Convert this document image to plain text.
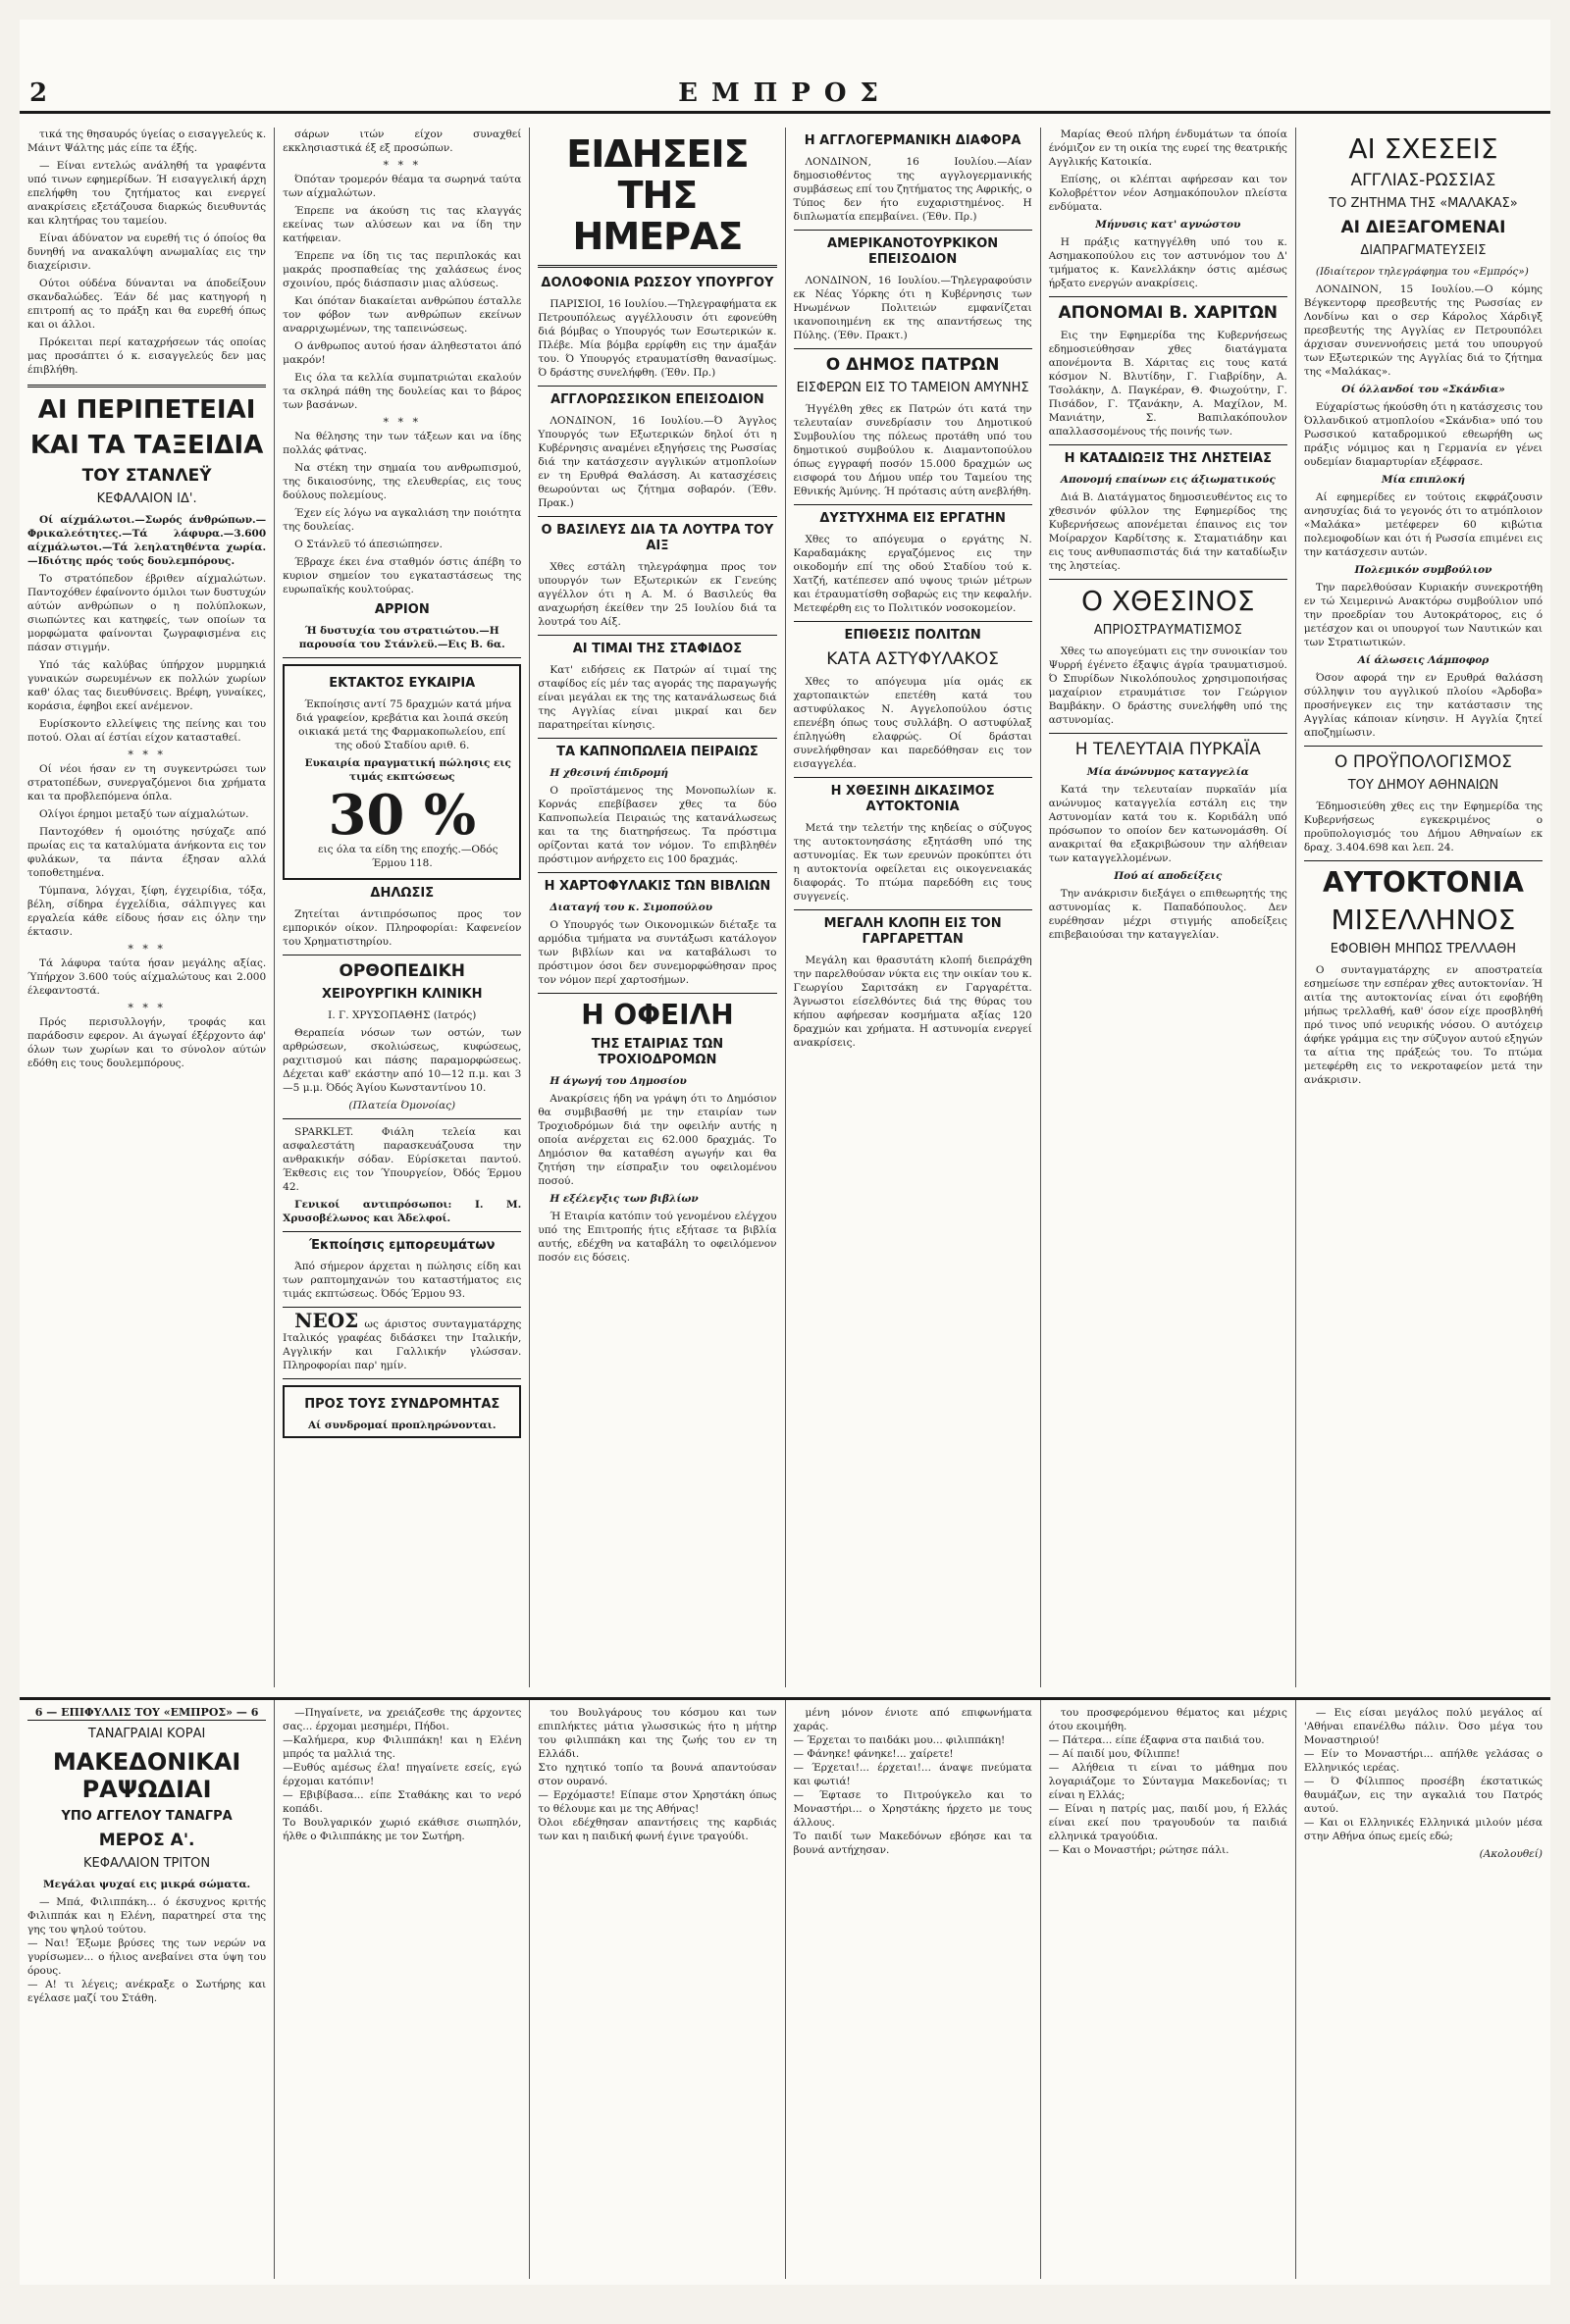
2	ΕΜΠΡΟΣ

τικά της θησαυρός ύγείας ο εισαγγελεύς κ. Μάιντ Ψάλτης μάς είπε τα έξής.

— Είναι εντελώς ανάληθή τα γραφέντα υπό τινων εφημερίδων. Ή εισαγγελική άρχη επελήφθη του ζητήματος και ενεργεί ανακρίσεις εξετάζουσα διαρκώς διευθυντάς και κλητήρας του ταμείου.

Είναι άδύνατον να ευρεθή τις ό όποίος θα δυνηθή να ανακαλύψη ανωμαλίας εις την διαχείρισιν.

Ούτοι ούδένα δύνανται να άποδείξουν σκανδαλώδες. Έάν δέ μας κατηγορή η επιτροπή ας το πράξη και θα ευρεθή όπως και οι άλλοι.

Πρόκειται περί καταχρήσεων τάς οποίας μας προσάπτει ό κ. εισαγγελεύς δεν μας έπιβλήθη.

ΑΙ ΠΕΡΙΠΕΤΕΙΑΙ
ΚΑΙ ΤΑ ΤΑΞΕΙΔΙΑ
ΤΟΥ ΣΤΑΝΛΕΫ
ΚΕΦΑΛΑΙΟΝ ΙΔ'.

Οί αίχμάλωτοι.—Σωρός άνθρώπων.—Φρικαλεότητες.—Τά λάφυρα.—3.600 αίχμάλωτοι.—Τά λεηλατηθέντα χωρία.—Ιδιότης πρός τούς δουλεμπόρους.

Το στρατόπεδον έβριθεν αίχμαλώτων. Παντοχόθεν έφαίνοντο όμιλοι των δυστυχών αύτών ανθρώπων ο η πολύπλοκων, σιωπώντες και κατηφείς, των οποίων τα μορφώματα φαίνονται ζωγραφισμένα εις πάσαν στιγμήν.

Υπό τάς καλύβας ύπήρχον μυρμηκιά γυναικών σωρευμένων εκ πολλών χωρίων καθ' όλας τας διευθύνσεις. Βρέφη, γυναίκες, κοράσια, έφηβοι εκεί ανέμενον.

Ευρίσκοντο ελλείψεις της πείνης και του ποτού. Ολαι αί έστίαι είχον κατασταθεί.

* * *

Οί νέοι ήσαν εν τη συγκεντρώσει των στρατοπέδων, συνεργαζόμενοι δια χρήματα και τα προβλεπόμενα όπλα.

Ολίγοι έρημοι μεταξύ των αίχμαλώτων.

Παντοχόθεν ή ομοιότης ησύχαζε από πρωίας εις τα καταλύματα άνήκοντα εις τον φυλάκων, τα πάντα έξησαν αλλά τοποθετημένα.

Τύμπανα, λόγχαι, ξίφη, έγχειρίδια, τόξα, βέλη, σίδηρα έγχελίδια, σάλπιγγες και εργαλεία κάθε είδους ήσαν εις όλην την έκτασιν.

* * *

Τά λάφυρα ταύτα ήσαν μεγάλης αξίας. Ύπήρχον 3.600 τούς αίχμαλώτους και 2.000 έλεφαντοστά.

* * *

Πρός περισυλλογήν, τροφάς και παράδοσιν εφερον. Αι άγωγαί έξέρχοντο άφ' όλων των χωρίων και το σύνολον αύτών εδόθη εις τους δουλεμπόρους.

σάρων ιτών είχον συναχθεί εκκλησιαστικά έξ εξ προσώπων.

* * *

Όπόταν τρομερόν θέαμα τα σωρηνά ταύτα των αίχμαλώτων.

Έπρεπε να άκούση τις τας κλαγγάς εκείνας των αλύσεων και να ίδη την κατήφειαν.

Έπρεπε να ίδη τις τας περιπλοκάς και μακράς προσπαθείας της χαλάσεως ένος σχοινίου, πρός διάσπασιν μιας αλύσεως.

Και όπόταν διακαίεται ανθρώπου έσταλλε τον φόβον των ανθρώπων εκείνων αναρριχωμένων, της ταπεινώσεως.

Ο άνθρωπος αυτού ήσαν άληθεστατοι άπό μακρόν!

Εις όλα τα κελλία συμπατριώται εκαλούν τα σκληρά πάθη της δουλείας και το βάρος των βασάνων.

* * *

Να θέλησης την των τάξεων και να ίδης πολλάς φάτνας.

Να στέκη την σημαία του ανθρωπισμού, της δικαιοσύνης, της ελευθερίας, εις τους δούλους πολεμίους.

Έχεν είς λόγω να αγκαλιάση την ποιότητα της δουλείας.

Ο Στάνλεϋ τό άπεσιώπησεν.

Έβραχε έκει ένα σταθμόν όστις άπέβη το κυριον σημείον του εγκαταστάσεως της ευρωπαϊκής κουλτούρας.

ΑΡΡΙΟΝ

Ή δυστυχία του στρατιώτου.—Η παρουσία του Στάνλεϋ.—Εις Β. 6α.

ΕΚΤΑΚΤΟΣ ΕΥΚΑΙΡΙΑ

Έκποίησις αντί 75 δραχμών κατά μήνα διά γραφείον, κρεβάτια και λοιπά σκεύη οικιακά μετά της Φαρμακοπωλείου, επί της οδού Σταδίου αριθ. 6.

Ευκαιρία πραγματική πώλησις εις τιμάς εκπτώσεως

30 %

εις όλα τα είδη της εποχής.—Οδός Έρμου 118.

ΔΗΛΩΣΙΣ

Ζητείται άντιπρόσωπος προς τον εμπορικόν οίκον. Πληροφορίαι: Καφενείον του Χρηματιστηρίου.

ΟΡΘΟΠΕΔΙΚΗ
ΧΕΙΡΟΥΡΓΙΚΗ ΚΛΙΝΙΚΗ

Ι. Γ. ΧΡΥΣΟΠΑΘΗΣ (Ιατρός)

Θεραπεία νόσων των οστών, των αρθρώσεων, σκολιώσεως, κυφώσεως, ραχιτισμού και πάσης παραμορφώσεως. Δέχεται καθ' εκάστην από 10—12 π.μ. και 3—5 μ.μ. Όδός Άγίου Κωνσταντίνου 10.

(Πλατεία Όμονοίας)

SPARKLET. Φιάλη τελεία και ασφαλεστάτη παρασκευάζουσα την ανθρακικήν σόδαν. Εύρίσκεται παντού. Έκθεσις εις τον Ύπουργείον, Όδός Έρμου 42.

Γενικοί αντιπρόσωποι: Ι. Μ. Χρυσοβέλωνος και Άδελφοί.

Έκποίησις εμπορευμάτων

Άπό σήμερον άρχεται η πώλησις είδη και των ραπτομηχανών του καταστήματος εις τιμάς εκπτώσεως. Όδός Έρμου 93.

ΝΕΟΣ ως άριστος συνταγματάρχης Ιταλικός γραφέας διδάσκει την Ιταλικήν, Αγγλικήν και Γαλλικήν γλώσσαν. Πληροφορίαι παρ' ημίν.

ΠΡΟΣ ΤΟΥΣ ΣΥΝΔΡΟΜΗΤΑΣ
Αί συνδρομαί προπληρώνονται.
ΕΙΔΗΣΕΙΣ ΤΗΣ ΗΜΕΡΑΣ
ΔΟΛΟΦΟΝΙΑ ΡΩΣΣΟΥ ΥΠΟΥΡΓΟΥ

ΠΑΡΙΣΙΟΙ, 16 Ιουλίου.—Τηλεγραφήματα εκ Πετρουπόλεως αγγέλλουσιν ότι εφονεύθη διά βόμβας ο Υπουργός των Εσωτερικών κ. Πλέβε. Μία βόμβα ερρίφθη εις την άμαξάν του. Ό Υπουργός ετραυματίσθη θανασίμως. Ό δράστης συνελήφθη. (Έθν. Πρ.)

ΑΓΓΛΟΡΩΣΣΙΚΟΝ ΕΠΕΙΣΟΔΙΟΝ

ΛΟΝΔΙΝΟΝ, 16 Ιουλίου.—Ό Άγγλος Υπουργός των Εξωτερικών δηλοί ότι η Κυβέρνησις αναμένει εξηγήσεις της Ρωσσίας διά την κατάσχεσιν αγγλικών ατμοπλοίων εν τη Ερυθρά Θαλάσση. Αι κατασχέσεις θεωρούνται ως ζήτημα σοβαρόν. (Έθν. Πρακ.)

Ο ΒΑΣΙΛΕΥΣ ΔΙΑ ΤΑ ΛΟΥΤΡΑ ΤΟΥ ΑΙΞ

Χθες εστάλη τηλεγράφημα προς τον υπουργόν των Εξωτερικών εκ Γενεύης αγγέλλον ότι η Α. Μ. ό Βασιλεύς θα αναχωρήση έκείθεν την 25 Ιουλίου διά τα λουτρά του Αίξ.

ΑΙ ΤΙΜΑΙ ΤΗΣ ΣΤΑΦΙΔΟΣ

Κατ' ειδήσεις εκ Πατρών αί τιμαί της σταφίδος είς μέν τας αγοράς της παραγωγής είναι μεγάλαι εκ της της κατανάλωσεως διά της Αγγλίας είναι μικραί και δεν παρατηρείται κίνησις.

ΤΑ ΚΑΠΝΟΠΩΛΕΙΑ ΠΕΙΡΑΙΩΣ

Η χθεσινή έπιδρομή

Ο προϊστάμενος της Μονοπωλίων κ. Κορνάς επεβίβασεν χθες τα δύο Καπνοπωλεία Πειραιώς της κατανάλωσεως και τα της διατηρήσεως. Τα πρόστιμα ορίζονται κατά τον νόμον. Το επιβληθέν πρόστιμον ανήρχετο εις 100 δραχμάς.

Η ΧΑΡΤΟΦΥΛΑΚΙΣ ΤΩΝ ΒΙΒΛΙΩΝ

Διαταγή του κ. Σιμοπούλου

Ο Υπουργός των Οικονομικών διέταξε τα αρμόδια τμήματα να συντάξωσι κατάλογον των βιβλίων και να καταβάλωσι το πρόστιμον όσοι δεν συνεμορφώθησαν προς τον νόμον περί χαρτοσήμων.

Η ΟΦΕΙΛΗ
ΤΗΣ ΕΤΑΙΡΙΑΣ ΤΩΝ ΤΡΟΧΙΟΔΡΟΜΩΝ

Η άγωγή του Δημοσίου

Ανακρίσεις ήδη να γράψη ότι το Δημόσιον θα συμβιβασθή με την εταιρίαν των Τροχιοδρόμων διά την οφειλήν αυτής η οποία ανέρχεται εις 62.000 δραχμάς. Το Δημόσιον θα καταθέση αγωγήν και θα ζητήση την είσπραξιν του οφειλομένου ποσού.

Η εξέλεγξις των βιβλίων

Ή Εταιρία κατόπιν τού γενομένου ελέγχου υπό της Επιτροπής ήτις εξήτασε τα βιβλία αυτής, εδέχθη να καταβάλη το οφειλόμενον ποσόν εις δόσεις.

Η ΑΓΓΛΟΓΕΡΜΑΝΙΚΗ ΔΙΑΦΟΡΑ

ΛΟΝΔΙΝΟΝ, 16 Ιουλίου.—Αίαν δημοσιοθέντος της αγγλογερμανικής συμβάσεως επί του ζητήματος της Αφρικής, ο Τύπος δεν ήτο ευχαριστημένος. Η διπλωματία επεμβαίνει. (Έθν. Πρ.)

ΑΜΕΡΙΚΑΝΟΤΟΥΡΚΙΚΟΝ ΕΠΕΙΣΟΔΙΟΝ

ΛΟΝΔΙΝΟΝ, 16 Ιουλίου.—Τηλεγραφούσιν εκ Νέας Υόρκης ότι η Κυβέρνησις των Ηνωμένων Πολιτειών εμφανίζεται ικανοποιημένη εκ της απαντήσεως της Πύλης. (Έθν. Πρακτ.)

Ο ΔΗΜΟΣ ΠΑΤΡΩΝ
ΕΙΣΦΕΡΩΝ ΕΙΣ ΤΟ ΤΑΜΕΙΟΝ ΑΜΥΝΗΣ

Ήγγέλθη χθες εκ Πατρών ότι κατά την τελευταίαν συνεδρίασιν του Δημοτικού Συμβουλίου της πόλεως προτάθη υπό του δημοτικού συμβούλου κ. Διαμαντοπούλου όπως εγγραφή ποσόν 15.000 δραχμών ως εισφορά του Δήμου υπέρ του Ταμείου της Εθνικής Άμύνης. Ή πρότασις αύτη ανεβλήθη.

ΔΥΣΤΥΧΗΜΑ ΕΙΣ ΕΡΓΑΤΗΝ

Χθες το απόγευμα ο εργάτης Ν. Καραδαμάκης εργαζόμενος εις την οικοδομήν επί της οδού Σταδίου τού κ. Χατζή, κατέπεσεν από υψους τριών μέτρων και έτραυματίσθη σοβαρώς εις την κεφαλήν. Μετεφέρθη εις το Πολιτικόν νοσοκομείον.

ΕΠΙΘΕΣΙΣ ΠΟΛΙΤΩΝ
ΚΑΤΑ ΑΣΤΥΦΥΛΑΚΟΣ

Χθες το απόγευμα μία ομάς εκ χαρτοπαικτών επετέθη κατά του αστυφύλακος Ν. Αγγελοπούλου όστις επενέβη όπως τους συλλάβη. Ο αστυφύλαξ έπληγώθη ελαφρώς. Οί δράσται συνελήφθησαν και παρεδόθησαν εις τον εισαγγελέα.

Η ΧΘΕΣΙΝΗ ΔΙΚΑΣΙΜΟΣ ΑΥΤΟΚΤΟΝΙΑ

Μετά την τελετήν της κηδείας ο σύζυγος της αυτοκτονησάσης εξητάσθη υπό της αστυνομίας. Εκ των ερευνών προκύπτει ότι η αυτοκτονία οφείλεται εις οικογενειακάς διαφοράς. Το πτώμα παρεδόθη εις τους συγγενείς.

ΜΕΓΑΛΗ ΚΛΟΠΗ ΕΙΣ ΤΟΝ ΓΑΡΓΑΡΕΤΤΑΝ

Μεγάλη και θρασυτάτη κλοπή διεπράχθη την παρελθούσαν νύκτα εις την οικίαν του κ. Γεωργίου Σαριτσάκη εν Γαργαρέττα. Άγνωστοι είσελθόντες διά της θύρας του κήπου αφήρεσαν κοσμήματα αξίας 120 δραχμών και χρήματα. Η αστυνομία ενεργεί ανακρίσεις.

Μαρίας Θεού πλήρη ένδυμάτων τα όποία ένόμιζον εν τη οικία της ευρεί της θεατρικής Αγγλικής Κατοικία.

Επίσης, οι κλέπται αφήρεσαν και τον Κολοβρέττον νέον Ασημακόπουλον πλείστα ενδύματα.

Μήνυσις κατ' αγνώστου

Η πράξις κατηγγέλθη υπό του κ. Ασημακοπούλου εις τον αστυνόμον του Δ' τμήματος κ. Κανελλάκην όστις αμέσως ήρξατο ενεργών ανακρίσεις.

ΑΠΟΝΟΜΑΙ Β. ΧΑΡΙΤΩΝ

Εις την Εφημερίδα της Κυβερνήσεως εδημοσιεύθησαν χθες διατάγματα απονέμοντα Β. Χάριτας εις τους κατά κόσμον Ν. Βλυτίδην, Γ. Γιαβρίδην, Α. Τσολάκην, Δ. Παγκέραν, Θ. Φιωχούτην, Γ. Πισάδον, Γ. Τζανάκην, Α. Μαχίλον, Μ. Μανιάτην, Σ. Βαπιλακόπουλον απαλλασσομένους τής ποινής των.

Η ΚΑΤΑΔΙΩΞΙΣ ΤΗΣ ΛΗΣΤΕΙΑΣ

Απονομή επαίνων εις άξιωματικούς

Διά Β. Διατάγματος δημοσιευθέντος εις το χθεσινόν φύλλον της Εφημερίδος της Κυβερνήσεως απονέμεται έπαινος εις τον Μοίραρχον Καρδίτσης κ. Σταματιάδην και εις τους ανθυπασπιστάς διά την καταδίωξιν της ληστείας.

Ο ΧΘΕΣΙΝΟΣ
ΑΠΡΙΟΣΤΡΑΥΜΑΤΙΣΜΟΣ

Χθες τω απογεύματι εις την συνοικίαν του Ψυρρή έγένετο έξαψις άγρία τραυματισμού. Ό Σπυρίδων Νικολόπουλος χρησιμοποιήσας μαχαίριον ετραυμάτισε τον Γεώργιον Βαμβάκην. Ο δράστης συνελήφθη υπό της αστυνομίας.

Η ΤΕΛΕΥΤΑΙΑ ΠΥΡΚΑΪΑ

Μία άνώνυμος καταγγελία

Κατά την τελευταίαν πυρκαϊάν μία ανώνυμος καταγγελία εστάλη εις την Αστυνομίαν κατά του κ. Κοριδάλη υπό πρόσωπον το οποίον δεν κατωνομάσθη. Οί ανακριταί θα εξακριβώσουν την αλήθειαν των καταγγελλομένων.

Πού αί αποδείξεις

Την ανάκρισιν διεξάγει ο επιθεωρητής της αστυνομίας κ. Παπαδόπουλος. Δεν ευρέθησαν μέχρι στιγμής αποδείξεις επιβεβαιούσαι την καταγγελίαν.

ΑΙ ΣΧΕΣΕΙΣ
ΑΓΓΛΙΑΣ-ΡΩΣΣΙΑΣ
ΤΟ ΖΗΤΗΜΑ ΤΗΣ «ΜΑΛΑΚΑΣ»
ΑΙ ΔΙΕΞΑΓΟΜΕΝΑΙ
ΔΙΑΠΡΑΓΜΑΤΕΥΣΕΙΣ

(Ιδιαίτερον τηλεγράφημα του «Εμπρός»)

ΛΟΝΔΙΝΟΝ, 15 Ιουλίου.—Ο κόμης Βέγκεντορφ πρεσβευτής της Ρωσσίας εν Λονδίνω και ο σερ Κάρολος Χάρδιγξ πρεσβευτής της Αγγλίας εν Πετρουπόλει άρχισαν συνεννοήσεις μετά του υπουργού των Εξωτερικών της Αγγλίας διά το ζήτημα της «Μαλάκας».

Οί όλλανδοί του «Σκάνδια»

Εύχαρίστως ήκούσθη ότι η κατάσχεσις του Όλλανδικού ατμοπλοίου «Σκάνδια» υπό του Ρωσσικού καταδρομικού εθεωρήθη ως πράξις νόμιμος και η Γερμανία εν γένει ουδεμίαν διαμαρτυρίαν εξέφρασε.

Μία επιπλοκή

Αί εφημερίδες εν τούτοις εκφράζουσιν ανησυχίας διά το γεγονός ότι το ατμόπλοιον «Μαλάκα» μετέφερεν 60 κιβώτια πολεμοφοδίων και ότι ή Ρωσσία επιμένει εις την κατάσχεσιν αυτών.

Πολεμικόν συμβούλιον

Την παρελθούσαν Κυριακήν συνεκροτήθη εν τώ Χειμερινώ Ανακτόρω συμβούλιον υπό την προεδρίαν του Αυτοκράτορος, εις ό μετέσχον και οι υπουργοί των Ναυτικών και των Στρατιωτικών.

Αί άλωσεις Λάμποφορ

Όσον αφορά την εν Ερυθρά θαλάσση σύλληψιν του αγγλικού πλοίου «Άρδοβα» προσήνεγκεν εις την κατάστασιν της Αγγλίας κάποιαν κίνησιν. Η Αγγλία ζητεί αποζημίωσιν.

Ο ΠΡΟΫΠΟΛΟΓΙΣΜΟΣ
ΤΟΥ ΔΗΜΟΥ ΑΘΗΝΑΙΩΝ

Έδημοσιεύθη χθες εις την Εφημερίδα της Κυβερνήσεως εγκεκριμένος ο προϋπολογισμός του Δήμου Αθηναίων εκ δραχ. 3.404.698 και λεπ. 24.

ΑΥΤΟΚΤΟΝΙΑ
ΜΙΣΕΛΛΗΝΟΣ
ΕΦΟΒΙΘΗ ΜΗΠΩΣ ΤΡΕΛΛΑΘΗ

Ο συνταγματάρχης εν αποστρατεία εσημείωσε την εσπέραν χθες αυτοκτονίαν. Ή αιτία της αυτοκτονίας είναι ότι εφοβήθη μήπως τρελλαθή, καθ' όσον είχε προσβληθή πρό τινος υπό νευρικής νόσου. Ο αυτόχειρ άφήκε γράμμα εις την σύζυγον αυτού εξηγών τα αίτια της πράξεώς του. Το πτώμα μετεφέρθη εις το νεκροταφείον μετά την ανάκρισιν.

6 — ΕΠΙΦΥΛΛΙΣ ΤΟΥ «ΕΜΠΡΟΣ» — 6
ΤΑΝΑΓΡΑΙΑΙ ΚΟΡΑΙ
ΜΑΚΕΔΟΝΙΚΑΙ ΡΑΨΩΔΙΑΙ
ΥΠΟ ΑΓΓΕΛΟΥ ΤΑΝΑΓΡΑ
ΜΕΡΟΣ Α'.
ΚΕΦΑΛΑΙΟΝ ΤΡΙΤΟΝ

Μεγάλαι ψυχαί εις μικρά σώματα.

— Μπά, Φιλιππάκη... ό έκσυχνος κριτής Φιλιππάκ και η Ελένη, παρατηρεί στα της γης του ψηλού τούτου.
— Ναι! Έξωμε βρύσες της των νερών να γυρίσωμεν... ο ήλιος ανεβαίνει στα ύψη του όρους.
— Α! τι λέγεις; ανέκραξε ο Σωτήρης και εγέλασε μαζί του Στάθη.

—Πηγαίνετε, να χρειάζεσθε της άρχοντες σας... έρχομαι μεσημέρι, Πήδοι.
—Καλήμερα, κυρ Φιλιππάκη! και η Ελένη μπρός τα μαλλιά της.
—Ευθύς αμέσως έλα! πηγαίνετε εσείς, εγώ έρχομαι κατόπιν!
— Εβιβίβασα... είπε Σταθάκης και το νερό κοπάδι.
Το Βουλγαρικόν χωριό εκάθισε σιωπηλόν, ήλθε ο Φιλιππάκης με τον Σωτήρη.

του Βουλγάρους του κόσμου και των επιπλήκτες μάτια γλωσσικώς ήτο η μήτηρ του φιλιππάκη και της ζωής του εν τη Ελλάδι.
Στο ηχητικό τοπίο τα βουνά απαντούσαν στον ουρανό.
— Ερχόμαστε! Είπαμε στον Χρηστάκη όπως το θέλουμε και με της Αθήνας!
Όλοι εδέχθησαν απαντήσεις της καρδιάς των και η παιδική φωνή έγινε τραγούδι.

μένη μόνον ένιοτε από επιφωνήματα χαράς.
— Έρχεται το παιδάκι μου... φιλιππάκη!
— Φάνηκε! φάνηκε!... χαίρετε!
— Έρχεται!... έρχεται!... άναψε πνεύματα και φωτιά!
— Έφτασε το Πιτρούγκελο και το Μοναστήρι... ο Χρηστάκης ήρχετο με τους άλλους.
Το παιδί των Μακεδόνων εβόησε και τα βουνά αντήχησαν.

του προσφερόμενου θέματος και μέχρις ότου εκοιμήθη.
— Πάτερα... είπε έξαφνα στα παιδιά του.
— Αί παιδί μου, Φίλιππε!
— Αλήθεια τι είναι το μάθημα που λογαριάζομε το Σύνταγμα Μακεδονίας; τι είναι η Ελλάς;
— Είναι η πατρίς μας, παιδί μου, ή Ελλάς είναι εκεί που τραγουδούν τα παιδιά ελληνικά τραγούδια.
— Και ο Μοναστήρι; ρώτησε πάλι.

— Εις είσαι μεγάλος πολύ μεγάλος αί 'Αθήναι επανέλθω πάλιν. Όσο μέγα του Μοναστηριού!
— Είν το Μοναστήρι... απήλθε γελάσας ο Ελληνικός ιερέας.
— Ό Φίλιππος προσέβη έκστατικώς θαυμάζων, εις την αγκαλιά του Πατρός αυτού.
— Και οι Ελληνικές Ελληνικά μιλούν μέσα στην Αθήνα όπως εμείς εδώ;

(Ακολουθεί)
